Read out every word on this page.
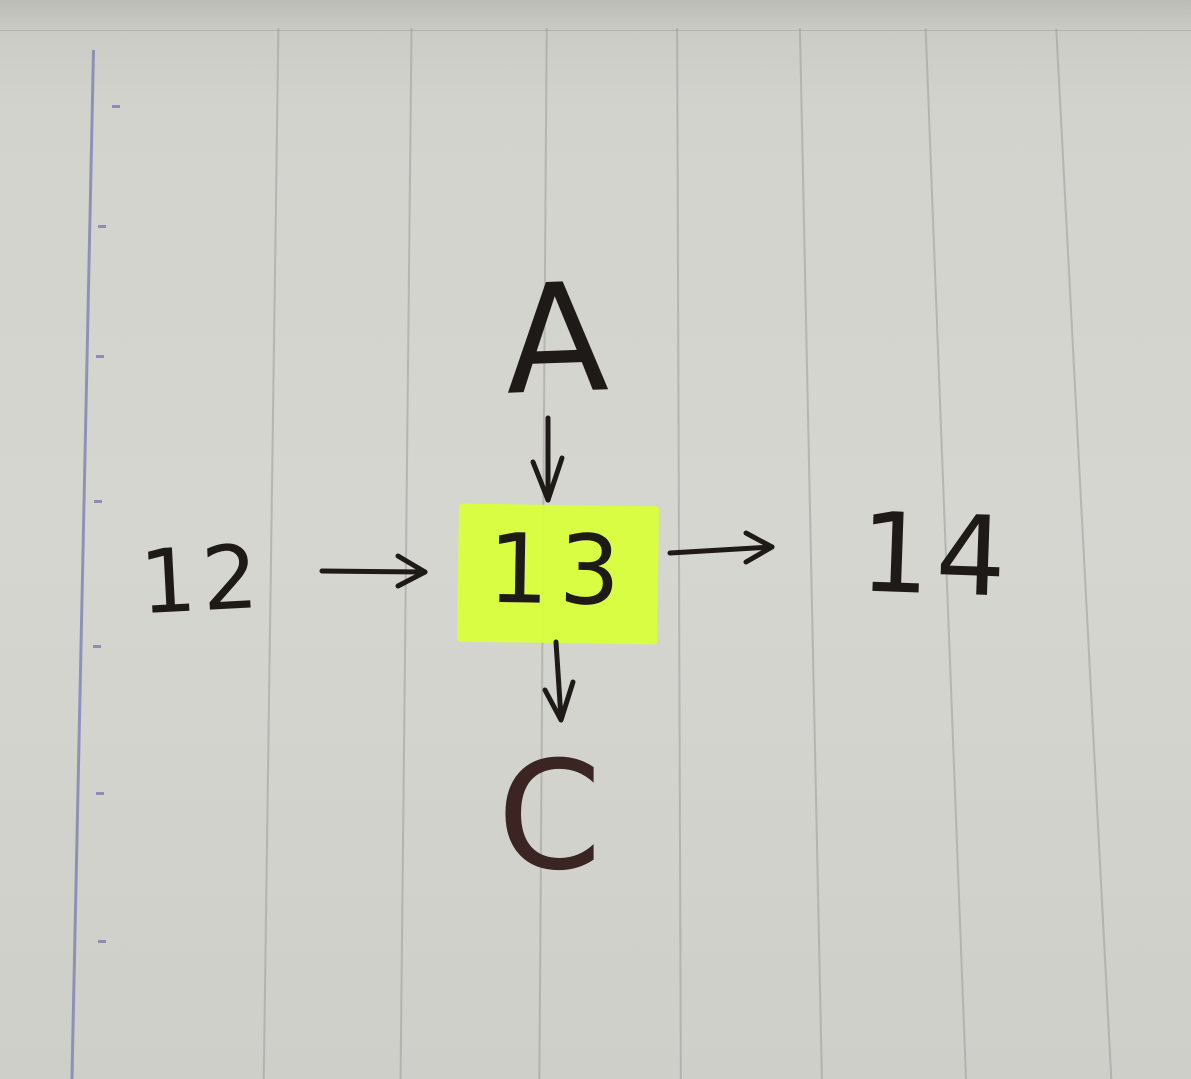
12 13 14
A
C
